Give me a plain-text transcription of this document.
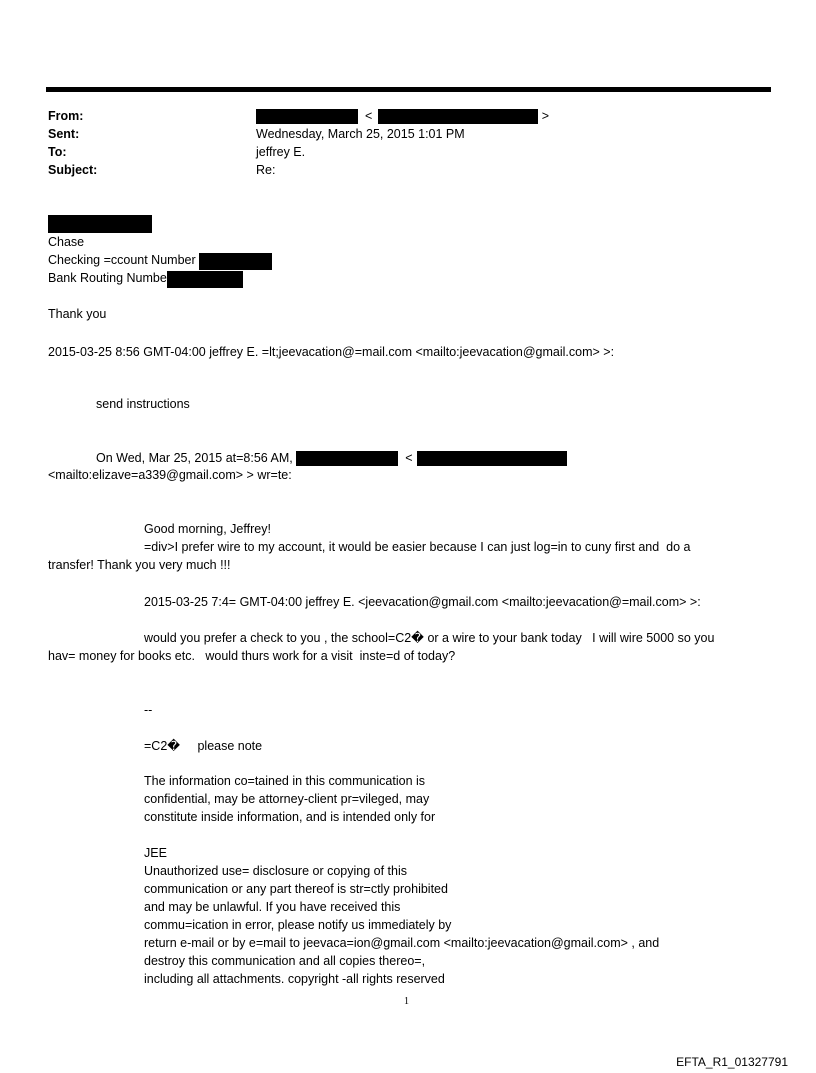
From:	<	>
Sent:	Wednesday, March 25, 2015 1:01 PM
To:	jeffrey E.
Subject:	Re:
Chase
Checking =ccount Number
Bank Routing Numbe
Thank you
2015-03-25 8:56 GMT-04:00 jeffrey E. =lt;jeevacation@=mail.com <mailto:jeevacation@gmail.com> >:
send instructions
On Wed, Mar 25, 2015 at=8:56 AM,	<
<mailto:elizave=a339@gmail.com> > wr=te:
Good morning, Jeffrey!
=div>I prefer wire to my account, it would be easier because I can just log=in to cuny first and  do a
transfer! Thank you very much !!!
2015-03-25 7:4= GMT-04:00 jeffrey E. <jeevacation@gmail.com <mailto:jeevacation@=mail.com> >:
would you prefer a check to you , the school=C2� or a wire to your bank today   I will wire 5000 so you
hav= money for books etc.   would thurs work for a visit  inste=d of today?
--
=C2�     please note
The information co=tained in this communication is
confidential, may be attorney-client pr=vileged, may
constitute inside information, and is intended only for
JEE
Unauthorized use= disclosure or copying of this
communication or any part thereof is str=ctly prohibited
and may be unlawful. If you have received this
commu=ication in error, please notify us immediately by
return e-mail or by e=mail to jeevaca=ion@gmail.com <mailto:jeevacation@gmail.com> , and
destroy this communication and all copies thereo=,
including all attachments. copyright -all rights reserved
1
EFTA_R1_01327791
